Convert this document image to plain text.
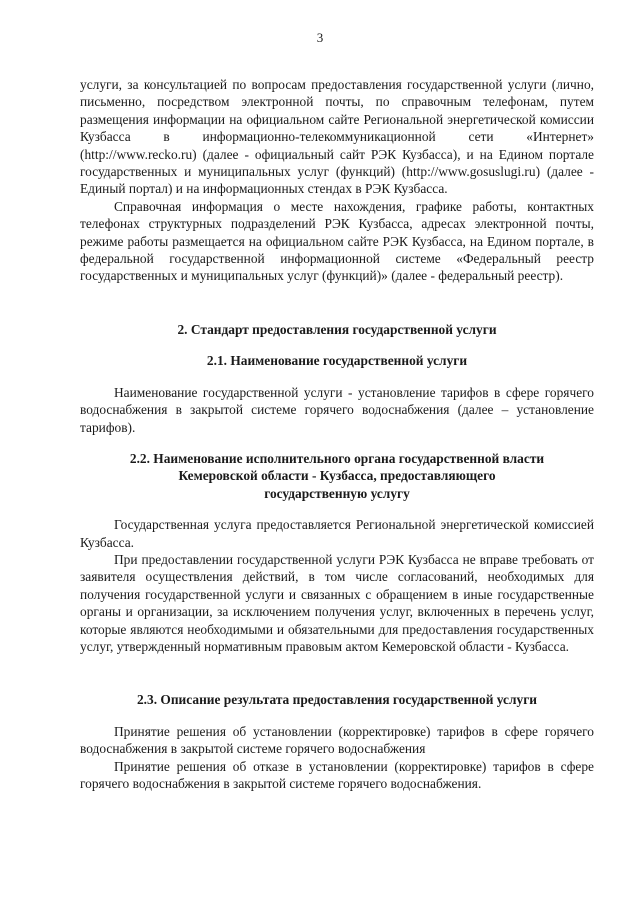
3

услуги, за консультацией по вопросам предоставления государственной услуги (лично, письменно, посредством электронной почты, по справочным телефонам, путем размещения информации на официальном сайте Региональной энергетической комиссии Кузбасса в информационно-телекоммуникационной сети «Интернет» (http://www.recko.ru) (далее - официальный сайт РЭК Кузбасса), и на Едином портале государственных и муниципальных услуг (функций) (http://www.gosuslugi.ru) (далее - Единый портал) и на информационных стендах в РЭК Кузбасса.

Справочная информация о месте нахождения, графике работы, контактных телефонах структурных подразделений РЭК Кузбасса, адресах электронной почты, режиме работы размещается на официальном сайте РЭК Кузбасса, на Едином портале, в федеральной государственной информационной системе «Федеральный реестр государственных и муниципальных услуг (функций)» (далее - федеральный реестр).

2. Стандарт предоставления государственной услуги
2.1. Наименование государственной услуги

Наименование государственной услуги - установление тарифов в сфере горячего водоснабжения в закрытой системе горячего водоснабжения (далее – установление тарифов).

2.2. Наименование исполнительного органа государственной власти
Кемеровской области - Кузбасса, предоставляющего
государственную услугу

Государственная услуга предоставляется Региональной энергетической комиссией Кузбасса.

При предоставлении государственной услуги РЭК Кузбасса не вправе требовать от заявителя осуществления действий, в том числе согласований, необходимых для получения государственной услуги и связанных с обращением в иные государственные органы и организации, за исключением получения услуг, включенных в перечень услуг, которые являются необходимыми и обязательными для предоставления государственных услуг, утвержденный нормативным правовым актом Кемеровской области - Кузбасса.

2.3. Описание результата предоставления государственной услуги

Принятие решения об установлении (корректировке) тарифов в сфере горячего водоснабжения в закрытой системе горячего водоснабжения

Принятие решения об отказе в установлении (корректировке) тарифов в сфере горячего водоснабжения в закрытой системе горячего водоснабжения.
